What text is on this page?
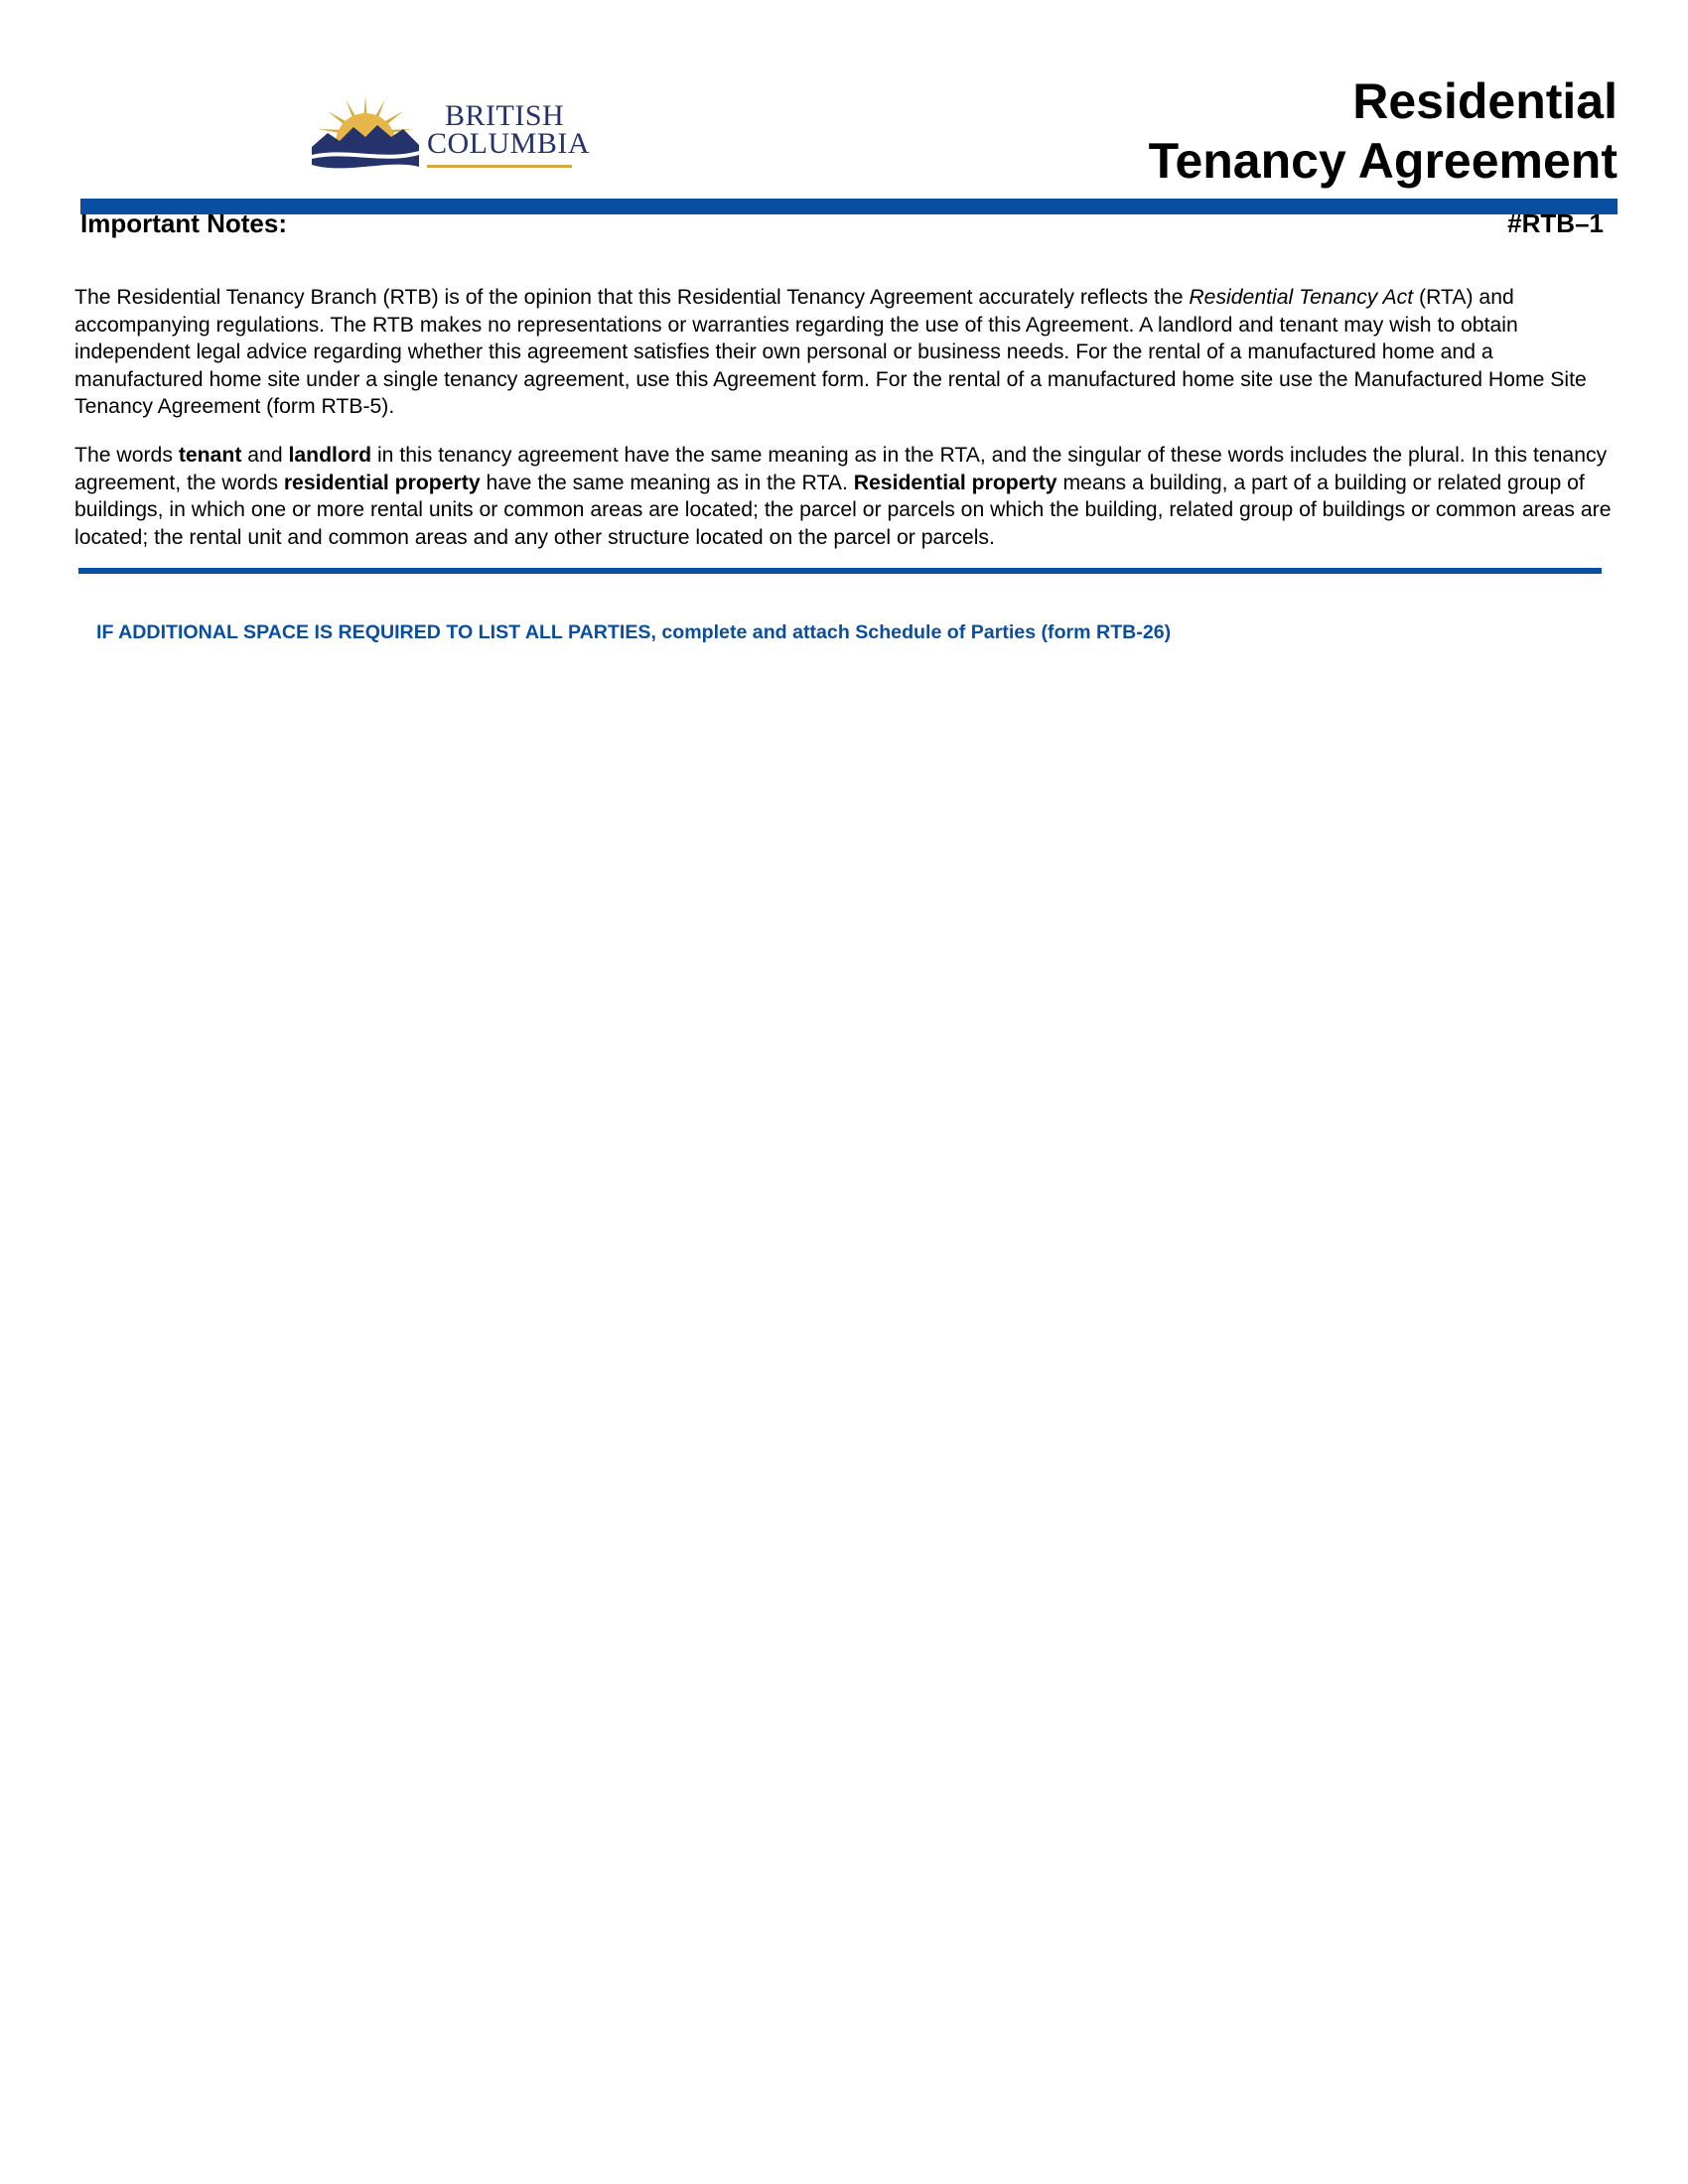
BRITISH
COLUMBIA
Residential
Tenancy Agreement
Important Notes:	#RTB–1

The Residential Tenancy Branch (RTB) is of the opinion that this Residential Tenancy Agreement accurately reflects the Residential Tenancy Act (RTA) and accompanying regulations. The RTB makes no representations or warranties regarding the use of this Agreement. A landlord and tenant may wish to obtain independent legal advice regarding whether this agreement satisfies their own personal or business needs. For the rental of a manufactured home and a manufactured home site under a single tenancy agreement, use this Agreement form. For the rental of a manufactured home site use the Manufactured Home Site Tenancy Agreement (form RTB-5).

The words tenant and landlord in this tenancy agreement have the same meaning as in the RTA, and the singular of these words includes the plural. In this tenancy agreement, the words residential property have the same meaning as in the RTA. Residential property means a building, a part of a building or related group of buildings, in which one or more rental units or common areas are located; the parcel or parcels on which the building, related group of buildings or common areas are located; the rental unit and common areas and any other structure located on the parcel or parcels.

IF ADDITIONAL SPACE IS REQUIRED TO LIST ALL PARTIES, complete and attach Schedule of Parties (form RTB-26)
